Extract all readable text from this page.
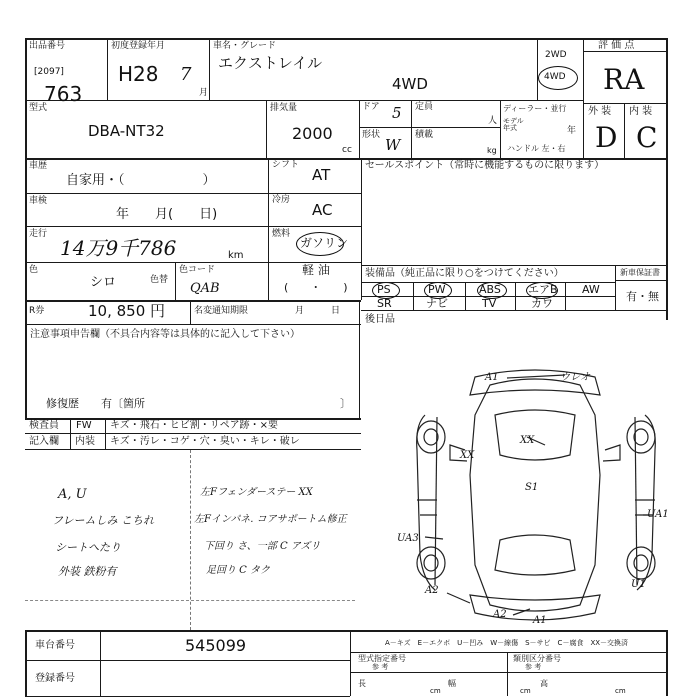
出品番号
[2097]
763
初度登録年月
H28 7
月
車名・グレード
エクストレイル
4WD
2WD
4WD
評 価 点
RA
型式
DBA-NT32
排気量
2000
cc
ドア 5
形状
W
定員
人
積載
kg
ディーラー・並行
モデル年式	年
ハンドル 左・右
外 装 内 装
D C
車歴
自家用・（　　　　　　）
シフト
AT
車検
年　　月(　　日)
冷房
AC
走行
14万9千786	km
燃料
ガソリン
軽 油
(　　・　　)
色
シロ	色替
色コード
QAB
セールスポイント（常時に機能するものに限ります）
装備品（純正品に限り○をつけてください）
PS	PW	ABS エアB AW
SR	ナビ	TV	カワ
新車保証書
有・無
後日品
R券	10, 850 円	名変通知期限	月　　　日
注意事項申告欄（不具合内容等は具体的に記入して下さい）
修復歴　　有〔箇所	〕
検査員
記入欄
FW
内装
キズ・飛石・ヒビ割・リペア跡・×要
キズ・汚レ・コゲ・穴・臭い・キレ・破レ
A, U
フレームしみ こちれ
シートへたり
外装 鉄粉有
左Fフェンダーステー XX
左Fインパネ. コアサポートム修正
下回り さ、一部 C アズリ
足回り C タク
A1	ウレオ
XX
XX
S1
UA1
UA3
A2
A2
A1
U1
車台番号	545099
登録番号
A－キズ　E－エクボ　U－凹み　W－線傷　S－サビ　C－腐食　XX－交換済
型式指定番号
参 考
類別区分番号
参 考
長
cm
幅
cm
高
cm
